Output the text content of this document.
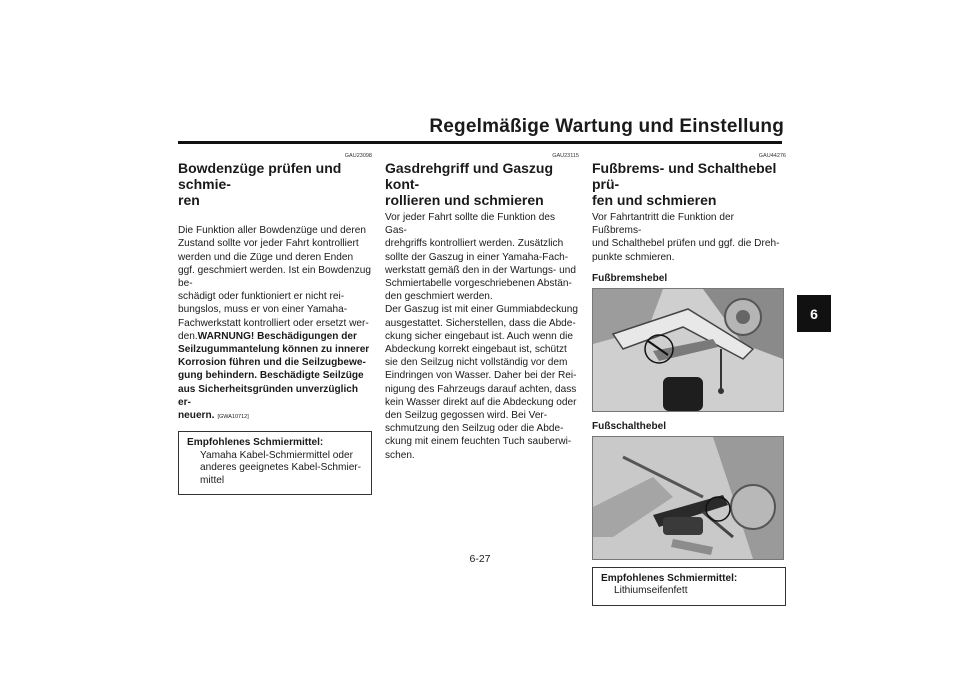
Regelmäßige Wartung und Einstellung
6
GAU23098
Bowdenzüge prüfen und schmie-
ren

Die Funktion aller Bowdenzüge und deren Zustand sollte vor jeder Fahrt kontrolliert werden und die Züge und deren Enden ggf. geschmiert werden. Ist ein Bowdenzug be-
schädigt oder funktioniert er nicht rei-
bungslos, muss er von einer Yamaha-
Fachwerkstatt kontrolliert oder ersetzt wer-
den.WARNUNG! Beschädigungen der Seilzugummantelung können zu innerer Korrosion führen und die Seilzugbewe-
gung behindern. Beschädigte Seilzüge aus Sicherheitsgründen unverzüglich er-
neuern. [GWA10712]

Empfohlenes Schmiermittel:
Yamaha Kabel-Schmiermittel oder anderes geeignetes Kabel-Schmier-
mittel
GAU23115
Gasdrehgriff und Gaszug kont-
rollieren und schmieren

Vor jeder Fahrt sollte die Funktion des Gas-
drehgriffs kontrolliert werden. Zusätzlich sollte der Gaszug in einer Yamaha-Fach-
werkstatt gemäß den in der Wartungs- und Schmiertabelle vorgeschriebenen Abstän-
den geschmiert werden.
Der Gaszug ist mit einer Gummiabdeckung ausgestattet. Sicherstellen, dass die Abde-
ckung sicher eingebaut ist. Auch wenn die Abdeckung korrekt eingebaut ist, schützt sie den Seilzug nicht vollständig vor dem Eindringen von Wasser. Daher bei der Rei-
nigung des Fahrzeugs darauf achten, dass kein Wasser direkt auf die Abdeckung oder den Seilzug gegossen wird. Bei Ver-
schmutzung den Seilzug oder die Abde-
ckung mit einem feuchten Tuch sauberwi-
schen.

GAU44276
Fußbrems- und Schalthebel prü-
fen und schmieren

Vor Fahrtantritt die Funktion der Fußbrems-
und Schalthebel prüfen und ggf. die Dreh-
punkte schmieren.

Fußbremshebel
Fußschalthebel
Empfohlenes Schmiermittel:
Lithiumseifenfett
6-27
